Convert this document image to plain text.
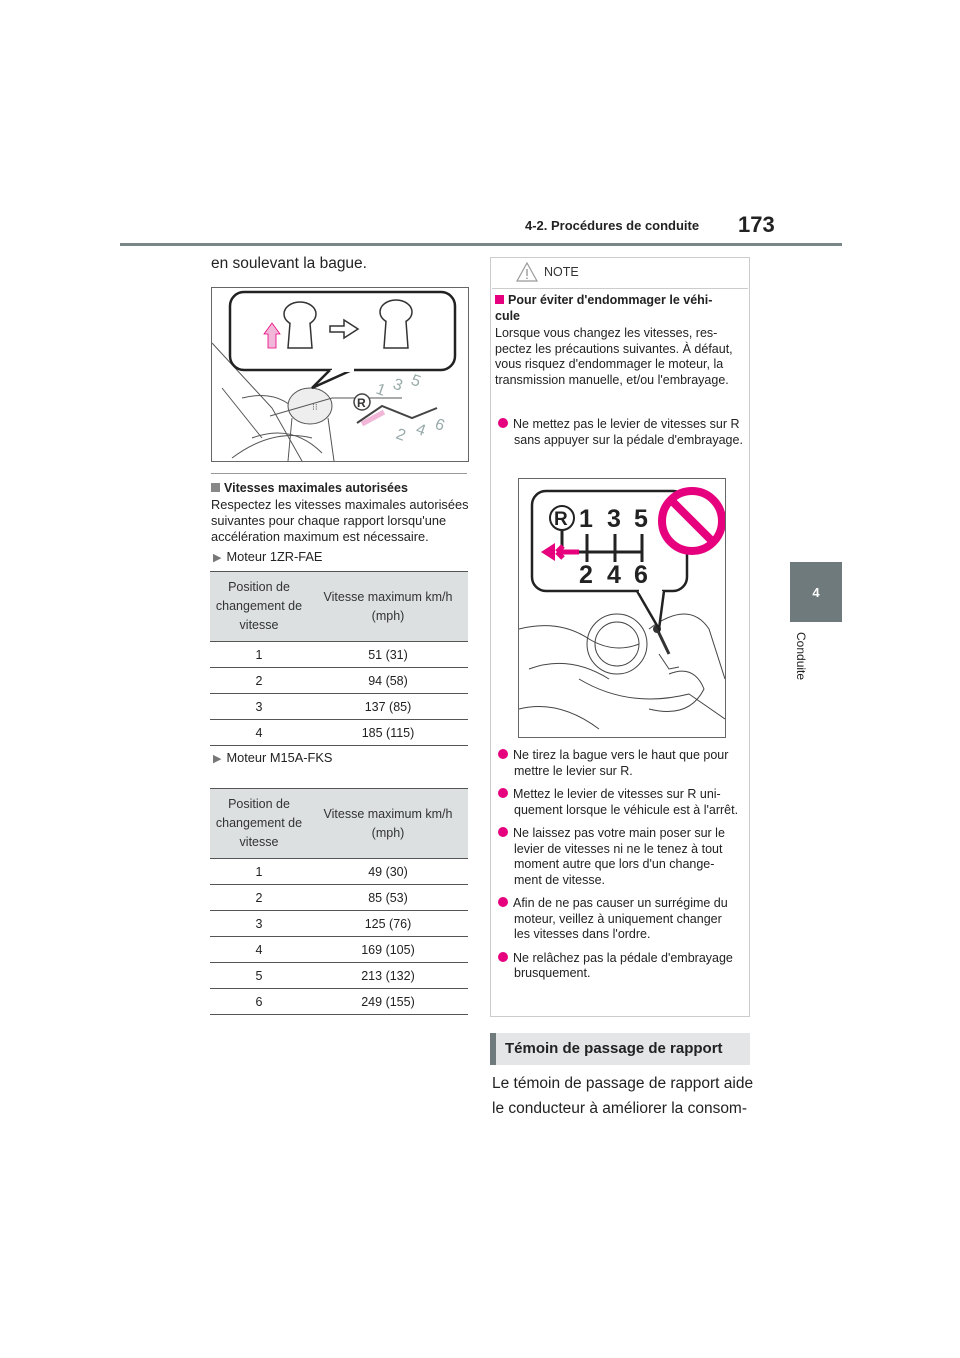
4-2. Procédures de conduite 173
4
Conduite

en soulevant la bague.

⁝⁝
1 3 5
2 4 6
R

Vitesses maximales autorisées

Respectez les vitesses maximales autorisées suivantes pour chaque rapport lorsqu'une accélération maximum est nécessaire.

▶ Moteur 1ZR-FAE

Position de changement de vitesse	Vitesse maximum km/h (mph)
1	51 (31)
2	94 (58)
3	137 (85)
4	185 (115)

▶ Moteur M15A-FKS

Position de changement de vitesse	Vitesse maximum km/h (mph)
1	49 (30)
2	85 (53)
3	125 (76)
4	169 (105)
5	213 (132)
6	249 (155)
NOTE

Pour éviter d'endommager le véhi-cule

Lorsque vous changez les vitesses, res-pectez les précautions suivantes. À défaut, vous risquez d'endommager le moteur, la transmission manuelle, et/ou l'embrayage.

Ne mettez pas le levier de vitesses sur R sans appuyer sur la pédale d'embrayage.

R 1 3 5
2 4 6

Ne tirez la bague vers le haut que pour mettre le levier sur R.

Mettez le levier de vitesses sur R uni-quement lorsque le véhicule est à l'arrêt.

Ne laissez pas votre main poser sur le levier de vitesses ni ne le tenez à tout moment autre que lors d'un change-ment de vitesse.

Afin de ne pas causer un surrégime du moteur, veillez à uniquement changer les vitesses dans l'ordre.

Ne relâchez pas la pédale d'embrayage brusquement.

Témoin de passage de rapport

Le témoin de passage de rapport aide

le conducteur à améliorer la consom-
